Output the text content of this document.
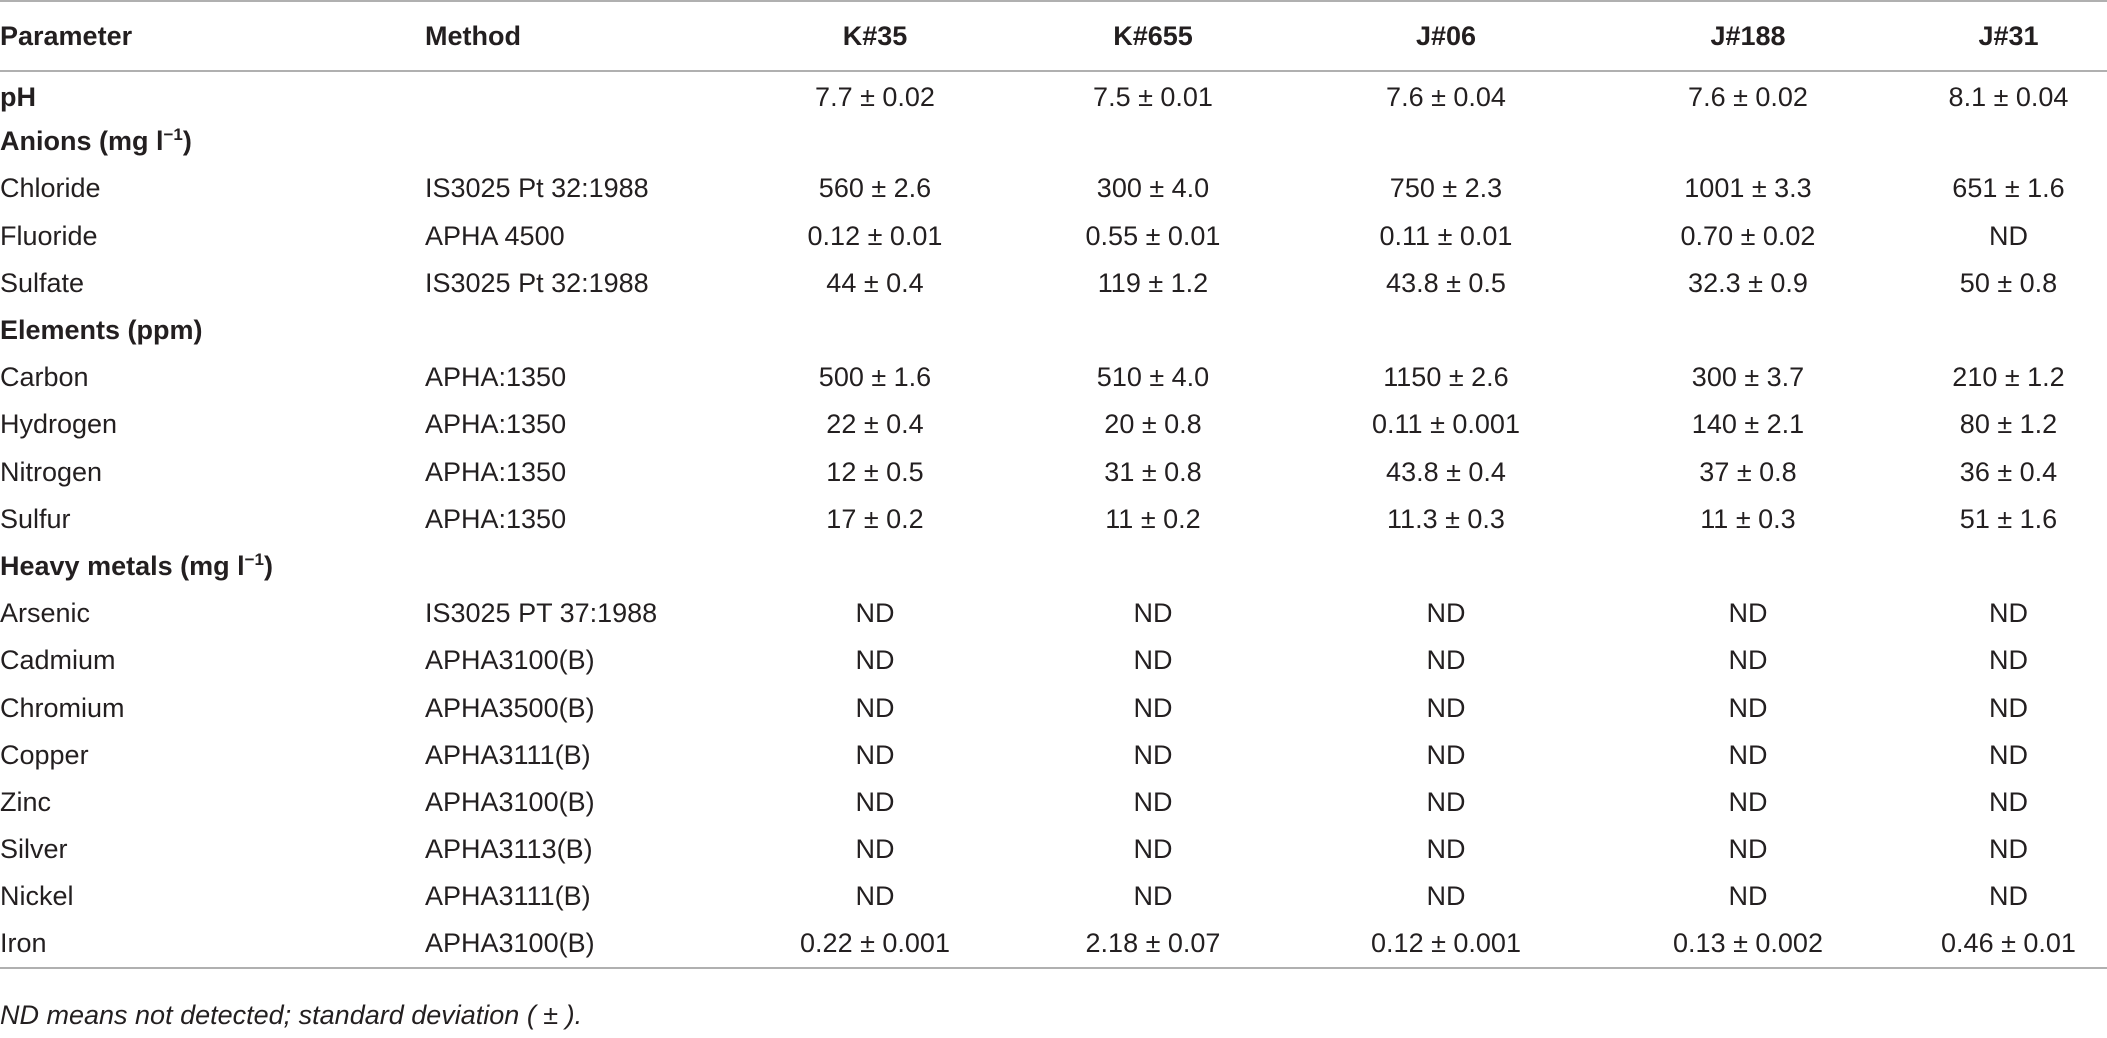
Parameter	Method	K#35	K#655	J#06	J#188	J#31
pH		7.7 ± 0.02	7.5 ± 0.01	7.6 ± 0.04	7.6 ± 0.02	8.1 ± 0.04
Anions (mg $l^{-1}$)						
Chloride	IS3025 Pt 32:1988	560 ± 2.6	300 ± 4.0	750 ± 2.3	1001 ± 3.3	651 ± 1.6
Fluoride	APHA 4500	0.12 ± 0.01	0.55 ± 0.01	0.11 ± 0.01	0.70 ± 0.02	ND
Sulfate	IS3025 Pt 32:1988	44 ± 0.4	119 ± 1.2	43.8 ± 0.5	32.3 ± 0.9	50 ± 0.8
Elements (ppm)						
Carbon	APHA:1350	500 ± 1.6	510 ± 4.0	1150 ± 2.6	300 ± 3.7	210 ± 1.2
Hydrogen	APHA:1350	22 ± 0.4	20 ± 0.8	0.11 ± 0.001	140 ± 2.1	80 ± 1.2
Nitrogen	APHA:1350	12 ± 0.5	31 ± 0.8	43.8 ± 0.4	37 ± 0.8	36 ± 0.4
Sulfur	APHA:1350	17 ± 0.2	11 ± 0.2	11.3 ± 0.3	11 ± 0.3	51 ± 1.6
Heavy metals (mg $l^{-1}$)						
Arsenic	IS3025 PT 37:1988	ND	ND	ND	ND	ND
Cadmium	APHA3100(B)	ND	ND	ND	ND	ND
Chromium	APHA3500(B)	ND	ND	ND	ND	ND
Copper	APHA3111(B)	ND	ND	ND	ND	ND
Zinc	APHA3100(B)	ND	ND	ND	ND	ND
Silver	APHA3113(B)	ND	ND	ND	ND	ND
Nickel	APHA3111(B)	ND	ND	ND	ND	ND
Iron	APHA3100(B)	0.22 ± 0.001	2.18 ± 0.07	0.12 ± 0.001	0.13 ± 0.002	0.46 ± 0.01
ND means not detected; standard deviation ( ± ).
